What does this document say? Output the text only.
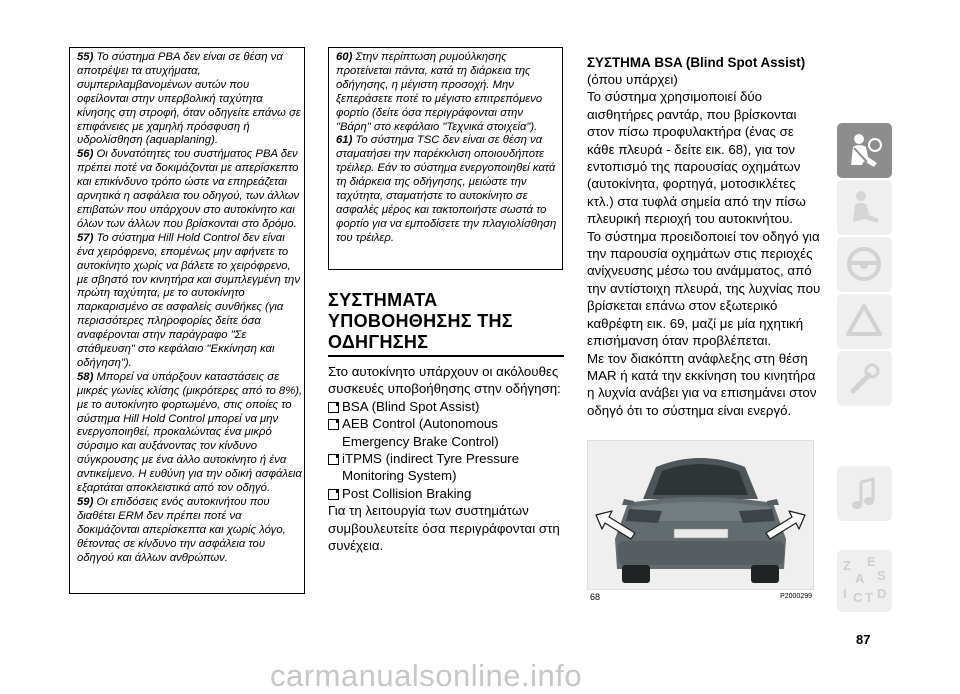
55) Το σύστημα PBA δεν είναι σε θέση να αποτρέψει τα ατυχήματα, συμπεριλαμβανομένων αυτών που οφείλονται στην υπερβολική ταχύτητα κίνησης στη στροφή, όταν οδηγείτε επάνω σε επιφάνειες με χαμηλή πρόσφυση ή υδρολίσθηση (aquaplaning).

56) Οι δυνατότητες του συστήματος PBA δεν πρέπει ποτέ να δοκιμάζονται με απερίσκεπτο και επικίνδυνο τρόπο ώστε να επηρεάζεται αρνητικά η ασφάλεια του οδηγού, των άλλων επιβατών που υπάρχουν στο αυτοκίνητο και όλων των άλλων που βρίσκονται στο δρόμο.

57) Το σύστημα Hill Hold Control δεν είναι ένα χειρόφρενο, επομένως μην αφήνετε το αυτοκίνητο χωρίς να βάλετε το χειρόφρενο, με σβηστό τον κινητήρα και συμπλεγμένη την πρώτη ταχύτητα, με το αυτοκίνητο παρκαρισμένο σε ασφαλείς συνθήκες (για περισσότερες πληροφορίες δείτε όσα αναφέρονται στην παράγραφο "Σε στάθμευση" στο κεφάλαιο "Εκκίνηση και οδήγηση").

58) Μπορεί να υπάρξουν καταστάσεις σε μικρές γωνίες κλίσης (μικρότερες από το 8%), με το αυτοκίνητο φορτωμένο, στις οποίες το σύστημα Hill Hold Control μπορεί να μην ενεργοποιηθεί, προκαλώντας ένα μικρό σύρσιμο και αυξάνοντας τον κίνδυνο σύγκρουσης με ένα άλλο αυτοκίνητο ή ένα αντικείμενο. Η ευθύνη για την οδική ασφάλεια εξαρτάται αποκλειστικά από τον οδηγό.

59) Οι επιδόσεις ενός αυτοκινήτου που διαθέτει ERM δεν πρέπει ποτέ να δοκιμάζονται απερίσκεπτα και χωρίς λόγο, θέτοντας σε κίνδυνο την ασφάλεια του οδηγού και άλλων ανθρώπων.

60) Στην περίπτωση ρυμούλκησης προτείνεται πάντα, κατά τη διάρκεια της οδήγησης, η μέγιστη προσοχή. Μην ξεπεράσετε ποτέ το μέγιστο επιτρεπόμενο φορτίο (δείτε όσα περιγράφονται στην "Βάρη" στο κεφάλαιο "Τεχνικά στοιχεία").

61) Το σύστημα TSC δεν είναι σε θέση να σταματήσει την παρέκκλιση οποιουδήποτε τρέιλερ. Εάν το σύστημα ενεργοποιηθεί κατά τη διάρκεια της οδήγησης, μειώστε την ταχύτητα, σταματήστε το αυτοκίνητο σε ασφαλές μέρος και τακτοποιήστε σωστά το φορτίο για να εμποδίσετε την πλαγιολίσθηση του τρέιλερ.

ΣΥΣΤΗΜΑΤΑ
ΥΠΟΒΟΗΘΗΣΗΣ ΤΗΣ
ΟΔΗΓΗΣΗΣ

Στο αυτοκίνητο υπάρχουν οι ακόλουθες συσκευές υποβοήθησης στην οδήγηση:

BSA (Blind Spot Assist)
AEB Control (Autonomous Emergency Brake Control)
iTPMS (indirect Tyre Pressure Monitoring System)
Post Collision Braking

Για τη λειτουργία των συστημάτων συμβουλευτείτε όσα περιγράφονται στη συνέχεια.

ΣΥΣΤΗΜΑ BSA (Blind Spot Assist)

(όπου υπάρχει)

Το σύστημα χρησιμοποιεί δύο αισθητήρες ραντάρ, που βρίσκονται στον πίσω προφυλακτήρα (ένας σε κάθε πλευρά - δείτε εικ. 68), για τον εντοπισμό της παρουσίας οχημάτων (αυτοκίνητα, φορτηγά, μοτοσικλέτες κτλ.) στα τυφλά σημεία από την πίσω πλευρική περιοχή του αυτοκινήτου.

Το σύστημα προειδοποιεί τον οδηγό για την παρουσία οχημάτων στις περιοχές ανίχνευσης μέσω του ανάμματος, από την αντίστοιχη πλευρά, της λυχνίας που βρίσκεται επάνω στον εξωτερικό καθρέφτη εικ. 69, μαζί με μία ηχητική επισήμανση όταν προβλέπεται.

Με τον διακόπτη ανάφλεξης στη θέση MAR ή κατά την εκκίνηση του κινητήρα η λυχνία ανάβει για να επισημάνει στον οδηγό ότι το σύστημα είναι ενεργό.

68	P2000299
Z E
A S
I C T D
87
carmanualsonline.info
